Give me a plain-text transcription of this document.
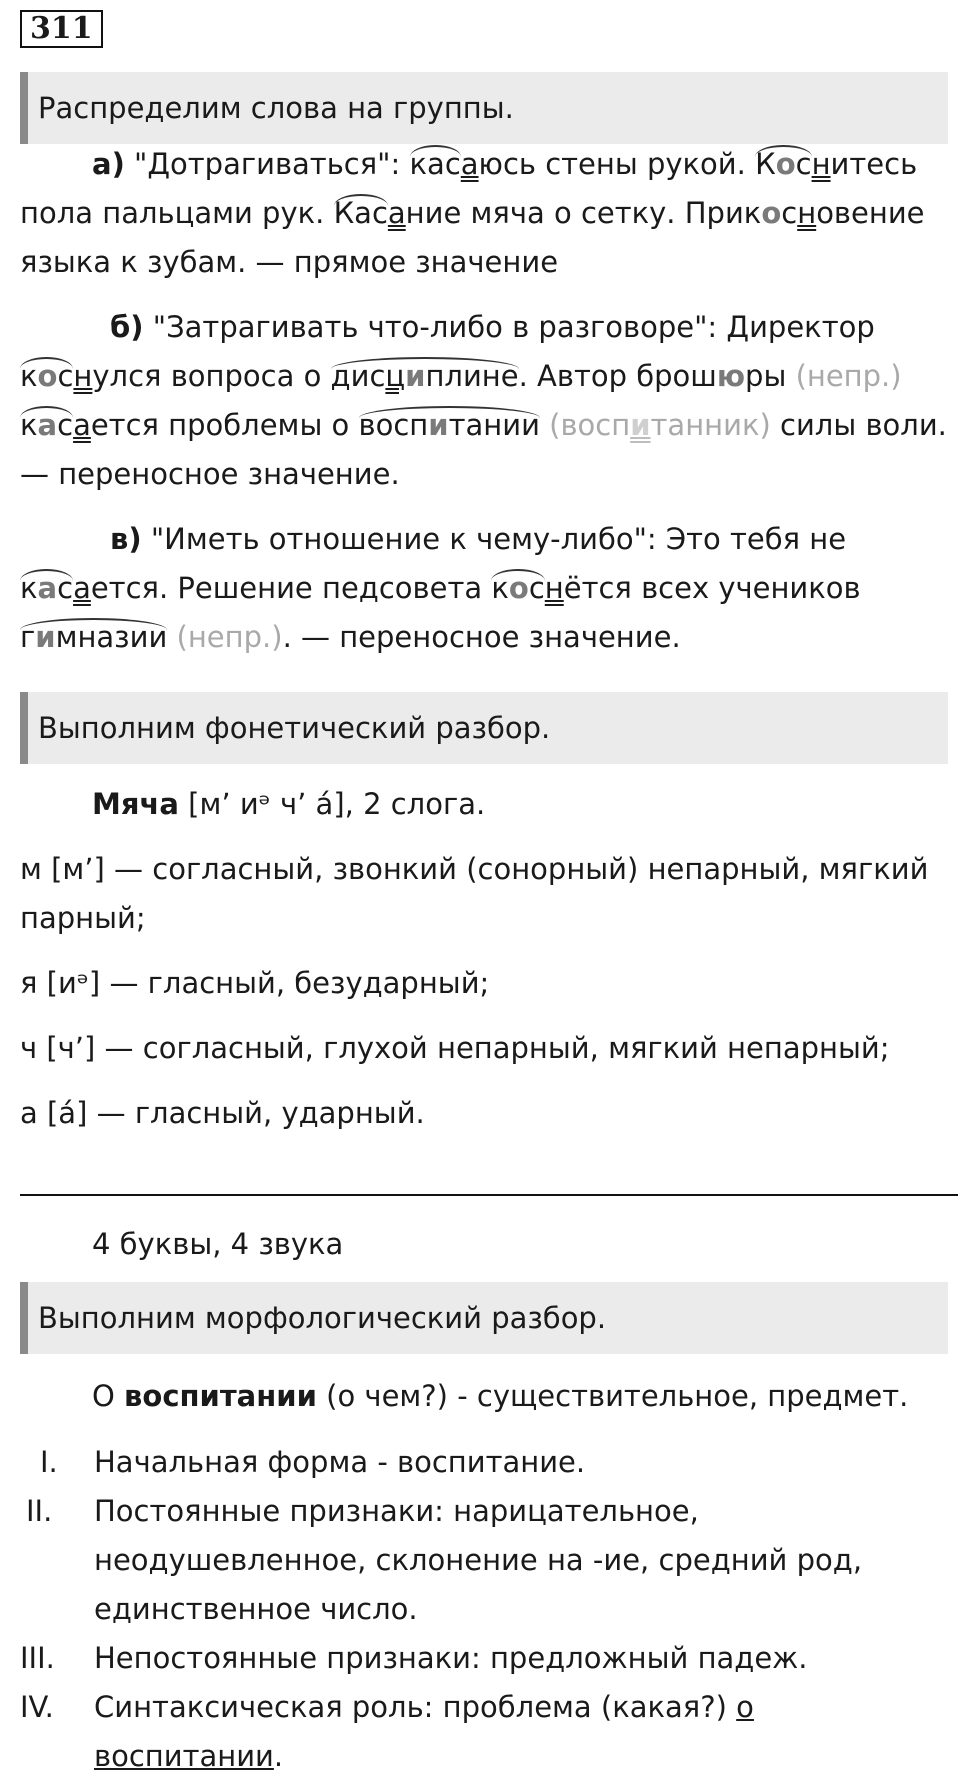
311
Распределим слова на группы.

а) "Дотрагиваться": касаюсь стены рукой. Коснитесь пола пальцами рук. Касание мяча о сетку. Прикосновение языка к зубам. — прямое значение

б) "Затрагивать что-либо в разговоре": Директор коснулся вопроса о дисциплине. Автор брошюры (непр.)
касается проблемы о воспитании (воспитанник) силы воли. — переносное значение.

в) "Иметь отношение к чему-либо": Это тебя не касается. Решение педсовета коснётся всех учеников гимназии (непр.). — переносное значение.

Выполним фонетический разбор.

Мяча [м’ иᵊ ч’ а́], 2 слога.

м [м’] — согласный, звонкий (сонорный) непарный, мягкий парный;

я [иᵊ] — гласный, безударный;

ч [ч’] — согласный, глухой непарный, мягкий непарный;

а [а́] — гласный, ударный.

4 буквы, 4 звука

Выполним морфологический разбор.

О воспитании (о чем?) - существительное, предмет.

I.	Начальная форма - воспитание.
II.	Постоянные признаки: нарицательное, неодушевленное, склонение на -ие, средний род, единственное число.
III.	Непостоянные признаки: предложный падеж.
IV.	Синтаксическая роль: проблема (какая?) о воспитании.
